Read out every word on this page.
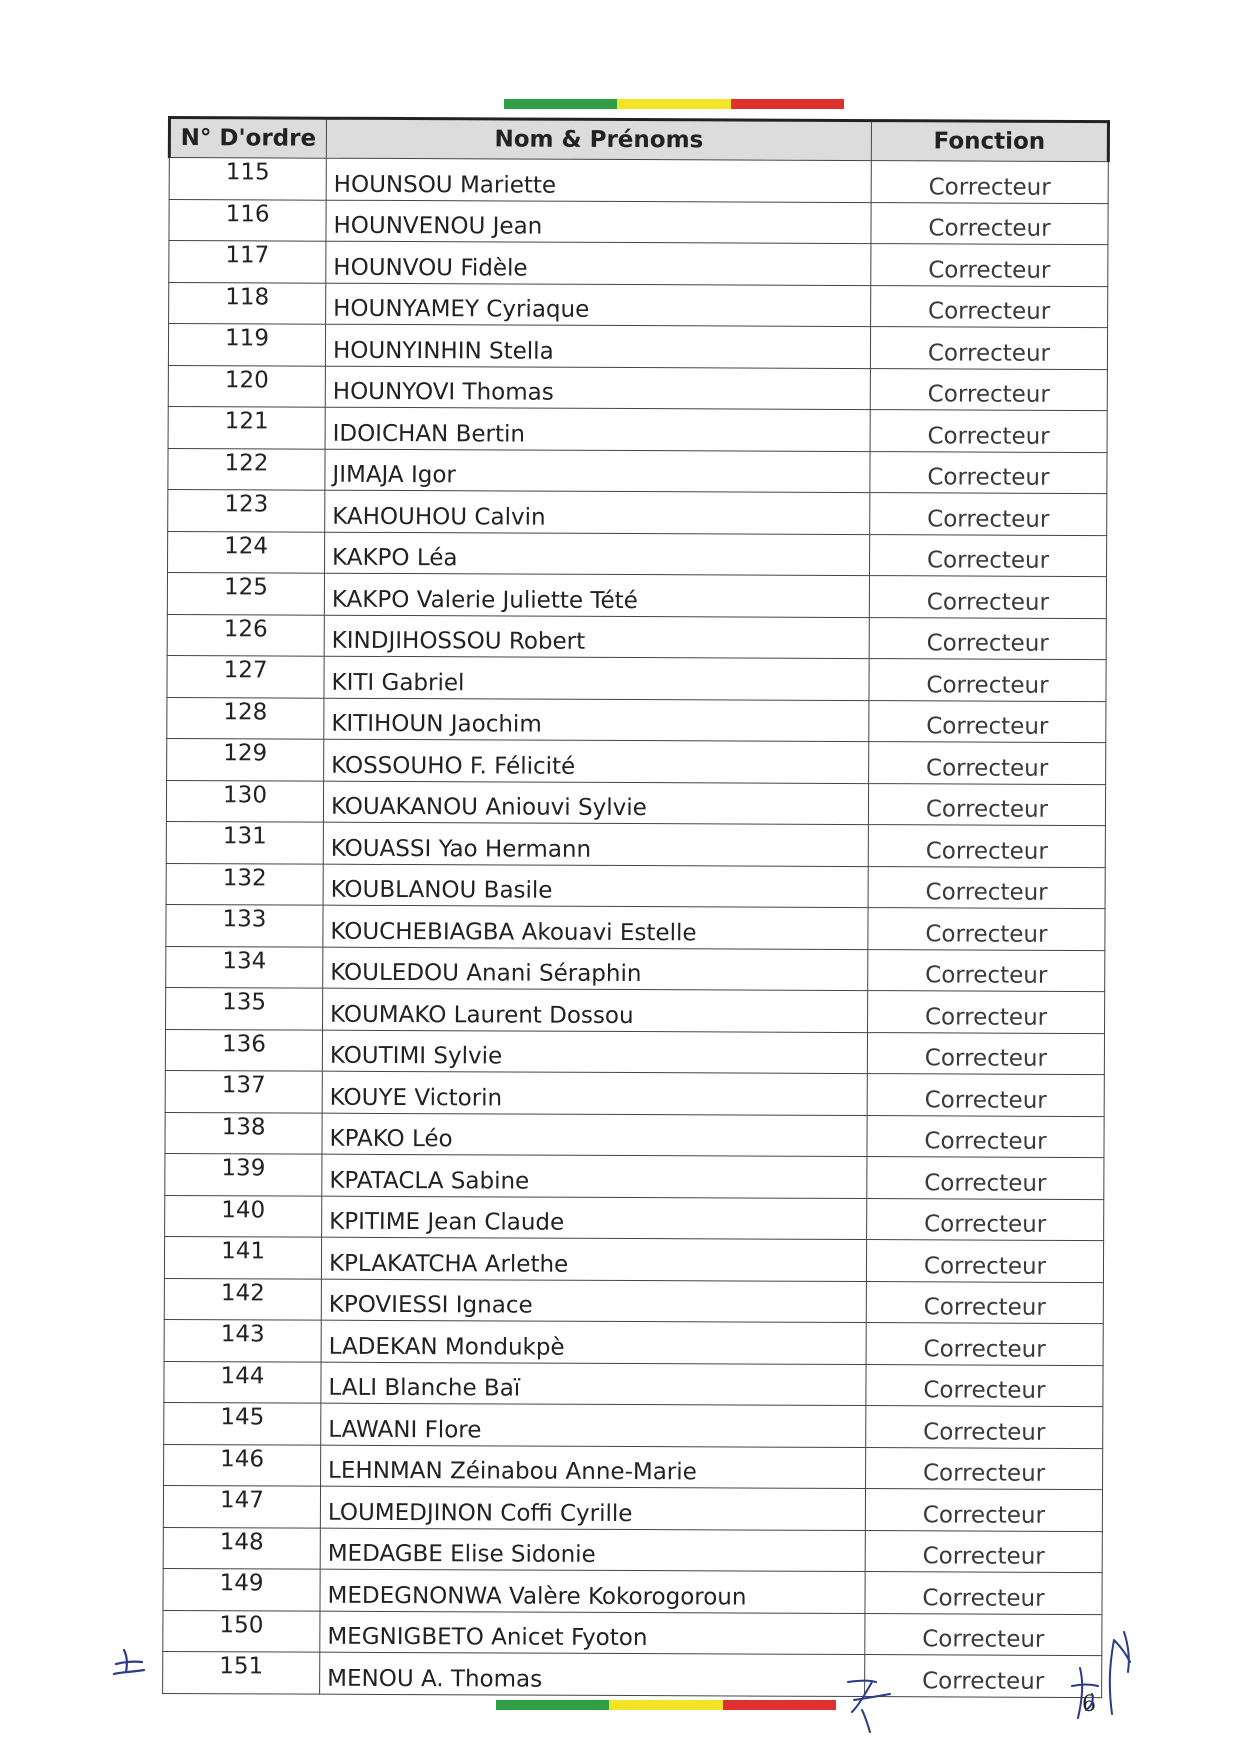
N° D'ordre	Nom & Prénoms	Fonction
115	HOUNSOU Mariette	Correcteur
116	HOUNVENOU Jean	Correcteur
117	HOUNVOU Fidèle	Correcteur
118	HOUNYAMEY Cyriaque	Correcteur
119	HOUNYINHIN Stella	Correcteur
120	HOUNYOVI Thomas	Correcteur
121	IDOICHAN Bertin	Correcteur
122	JIMAJA Igor	Correcteur
123	KAHOUHOU Calvin	Correcteur
124	KAKPO Léa	Correcteur
125	KAKPO Valerie Juliette Tété	Correcteur
126	KINDJIHOSSOU Robert	Correcteur
127	KITI Gabriel	Correcteur
128	KITIHOUN Jaochim	Correcteur
129	KOSSOUHO F. Félicité	Correcteur
130	KOUAKANOU Aniouvi Sylvie	Correcteur
131	KOUASSI Yao Hermann	Correcteur
132	KOUBLANOU Basile	Correcteur
133	KOUCHEBIAGBA Akouavi Estelle	Correcteur
134	KOULEDOU Anani Séraphin	Correcteur
135	KOUMAKO Laurent Dossou	Correcteur
136	KOUTIMI Sylvie	Correcteur
137	KOUYE Victorin	Correcteur
138	KPAKO Léo	Correcteur
139	KPATACLA Sabine	Correcteur
140	KPITIME Jean Claude	Correcteur
141	KPLAKATCHA Arlethe	Correcteur
142	KPOVIESSI Ignace	Correcteur
143	LADEKAN Mondukpè	Correcteur
144	LALI Blanche Baï	Correcteur
145	LAWANI Flore	Correcteur
146	LEHNMAN Zéinabou Anne-Marie	Correcteur
147	LOUMEDJINON Coffi Cyrille	Correcteur
148	MEDAGBE Elise Sidonie	Correcteur
149	MEDEGNONWA Valère Kokorogoroun	Correcteur
150	MEGNIGBETO Anicet Fyoton	Correcteur
151	MENOU A. Thomas	Correcteur
6
